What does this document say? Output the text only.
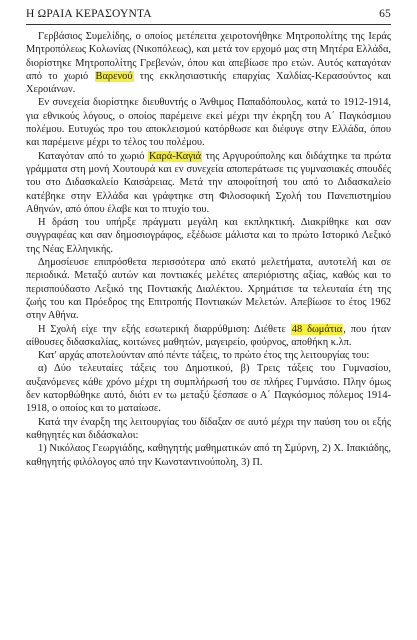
Η ΩΡΑΙΑ ΚΕΡΑΣΟΥΝΤΑ	65

Γερβάσιος Συμελίδης, ο οποίος μετέπειτα χειροτονήθηκε Μητροπολίτης της Ιεράς Μητροπόλεως Κολωνίας (Νικοπόλεως), και μετά τον ερχομό μας στη Μητέρα Ελλάδα, διορίστηκε Μητροπολίτης Γρεβενών, όπου και απεβίωσε προ ετών. Αυτός καταγόταν από το χωριό Βαρενού της εκκλησιαστικής επαρχίας Χαλδίας-Κερασούντος και Χεροιάνων.

Εν συνεχεία διορίστηκε διευθυντής ο Άνθιμος Παπαδόπουλος, κατά το 1912-1914, για εθνικούς λόγους, ο οποίος παρέμεινε εκεί μέχρι την έκρηξη του Α΄ Παγκόσμιου πολέμου. Ευτυχώς προ του αποκλεισμού κατόρθωσε και διέφυγε στην Ελλάδα, όπου και παρέμεινε μέχρι το τέλος του πολέμου.

Καταγόταν από το χωριό Καρά-Καγιά της Αργυρούπολης και διδάχτηκε τα πρώτα γράμματα στη μονή Χουτουρά και εν συνεχεία αποπεράτωσε τις γυμνασιακές σπουδές του στο Διδασκαλείο Καισάρειας. Μετά την αποφοίτησή του από το Διδασκαλείο κατέβηκε στην Ελλάδα και γράφτηκε στη Φιλοσοφική Σχολή του Πανεπιστημίου Αθηνών, από όπου έλαβε και το πτυχίο του.

Η δράση του υπήρξε πράγματι μεγάλη και εκπληκτική. Διακρίθηκε και σαν συγγραφέας και σαν δημοσιογράφος, εξέδωσε μάλιστα και το πρώτο Ιστορικό Λεξικό της Νέας Ελληνικής.

Δημοσίευσε επιπρόσθετα περισσότερα από εκατό μελετήματα, αυτοτελή και σε περιοδικά. Μεταξύ αυτών και ποντιακές μελέτες απεριόριστης αξίας, καθώς και το περισπούδαστο Λεξικό της Ποντιακής Διαλέκτου. Χρημάτισε τα τελευταία έτη της ζωής του και Πρόεδρος της Επιτροπής Ποντιακών Μελετών. Απεβίωσε το έτος 1962 στην Αθήνα.

Η Σχολή είχε την εξής εσωτερική διαρρύθμιση: Διέθετε 48 δωμάτια, που ήταν αίθουσες διδασκαλίας, κοιτώνες μαθητών, μαγειρείο, φούρνος, αποθήκη κ.λπ.

Κατ' αρχάς αποτελούνταν από πέντε τάξεις, το πρώτο έτος της λειτουργίας του:

α) Δύο τελευταίες τάξεις του Δημοτικού, β) Τρεις τάξεις του Γυμνασίου, αυξανόμενες κάθε χρόνο μέχρι τη συμπλήρωσή του σε πλήρες Γυμνάσιο. Πλην όμως δεν κατορθώθηκε αυτό, διότι εν τω μεταξύ ξέσπασε ο Α΄ Παγκόσμιος πόλεμος 1914-1918, ο οποίος και το ματαίωσε.

Κατά την έναρξη της λειτουργίας του δίδαξαν σε αυτό μέχρι την παύση του οι εξής καθηγητές και διδάσκαλοι:

1) Νικόλαος Γεωργιάδης, καθηγητής μαθηματικών από τη Σμύρνη, 2) Χ. Ιπακιάδης, καθηγητής φιλόλογος από την Κωνσταντινούπολη, 3) Π.
